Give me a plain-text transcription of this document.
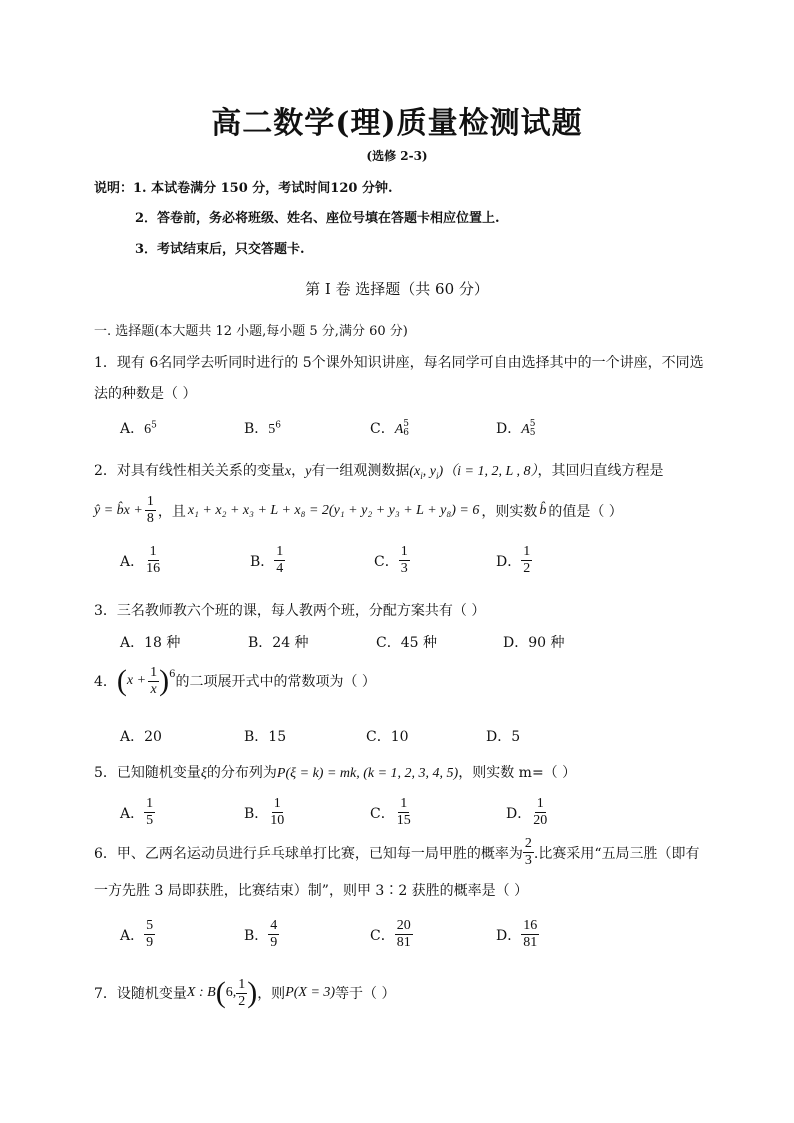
高二数学(理)质量检测试题
(选修 2-3)
说明：1. 本试卷满分 150 分，考试时间120 分钟.
2．答卷前，务必将班级、姓名、座位号填在答题卡相应位置上.
3．考试结束后，只交答题卡.
第 I 卷 选择题（共 60 分）
一. 选择题(本大题共 12 小题,每小题 5 分,满分 60 分)
1．现有 6名同学去听同时进行的 5个课外知识讲座，每名同学可自由选择其中的一个讲座，不同选
法的种数是（ ）
A．$6^5$	B．$5^6$	C．A 5
6	D．A 5
5
2．对具有线性相关关系的变量x，y有一组观测数据($x_i$, $y_i)(i = 1$, 2, L , 8），其回归直线方程是
ŷ = b̂x + $\frac{1}{8}$ ，且 x₁ + x₂ + x₃ + L + x₈ = 2(y₁ + y₂ + y₃ + L + y₈) = 6 ，则实数 b̂ 的值是（ ）
A． $\frac{1}{16}$	B． $\frac{1}{4}$	C． $\frac{1}{3}$	D． $\frac{1}{2}$
3．三名教师教六个班的课，每人教两个班，分配方案共有（ ）
A．18 种	B．24 种	C．45 种	D．90 种
4． ( $x + \frac{1}{x} )^6$ 的二项展开式中的常数项为（ ）
A．20	B．15	C．10	D．5
5．已知随机变量ξ的分布列为P(ξ = k) = mk, (k = 1, 2, 3, 4, 5)，则实数 m=（ ）
A． $\frac{1}{5}$	B． $\frac{1}{10}$	C． $\frac{1}{15}$	D． $\frac{1}{20}$
6．甲、乙两名运动员进行乒乓球单打比赛，已知每一局甲胜的概率为 $\frac{2}{3}$ .比赛采用“五局三胜（即有
一方先胜 3 局即获胜，比赛结束）制”，则甲 3∶2 获胜的概率是（ ）
A． $\frac{5}{9}$	B． $\frac{4}{9}$	C． $\frac{20}{81}$	D． $\frac{16}{81}$
7．设随机变量 X : B ( 6, $\frac{1}{2}$ ) ，则 P(X = 3) 等于（ ）
